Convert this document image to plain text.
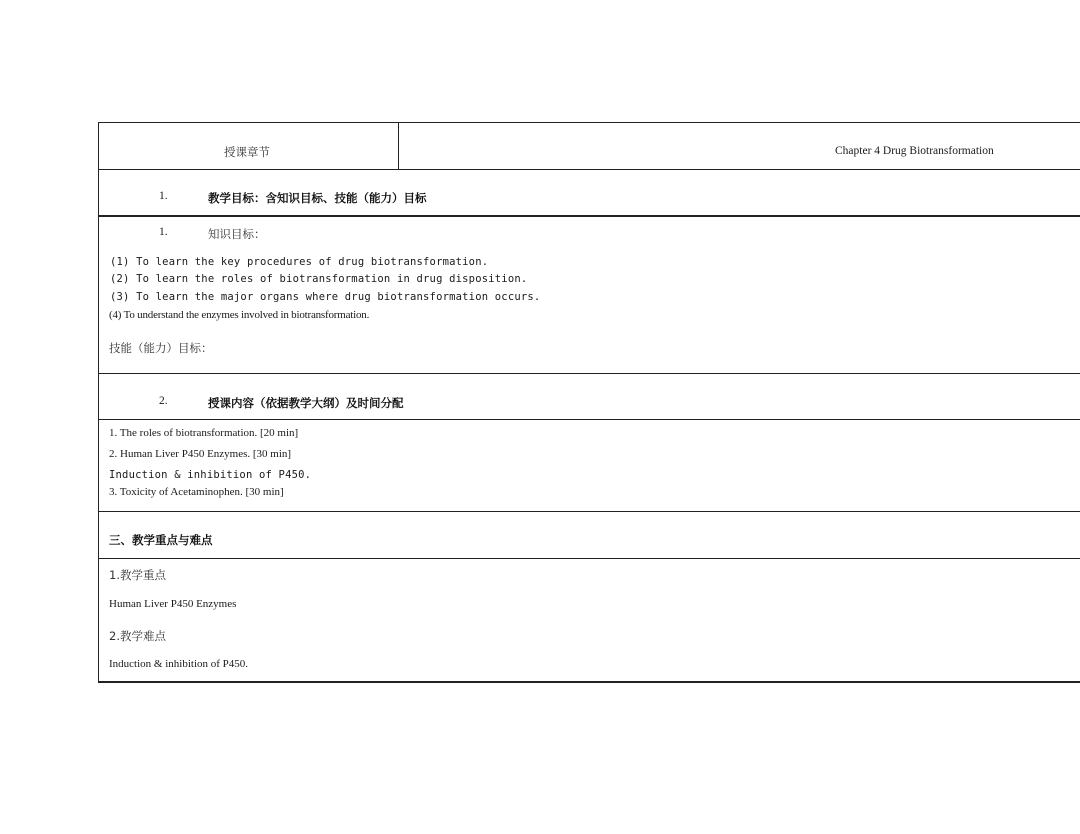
授课章节	Chapter 4 Drug Biotransformation
1.	教学目标：含知识目标、技能（能力）目标
1.	知识目标：
(1) To learn the key procedures of drug biotransformation.
(2) To learn the roles of biotransformation in drug disposition.
(3) To learn the major organs where drug biotransformation occurs.
(4) To understand the enzymes involved in biotransformation.
技能（能力）目标：
2.	授课内容（依据教学大纲）及时间分配
1. The roles of biotransformation. [20 min]
2. Human Liver P450 Enzymes. [30 min]
Induction & inhibition of P450.
3. Toxicity of Acetaminophen. [30 min]
三、教学重点与难点
1.教学重点
Human Liver P450 Enzymes
2.教学难点
Induction & inhibition of P450.
